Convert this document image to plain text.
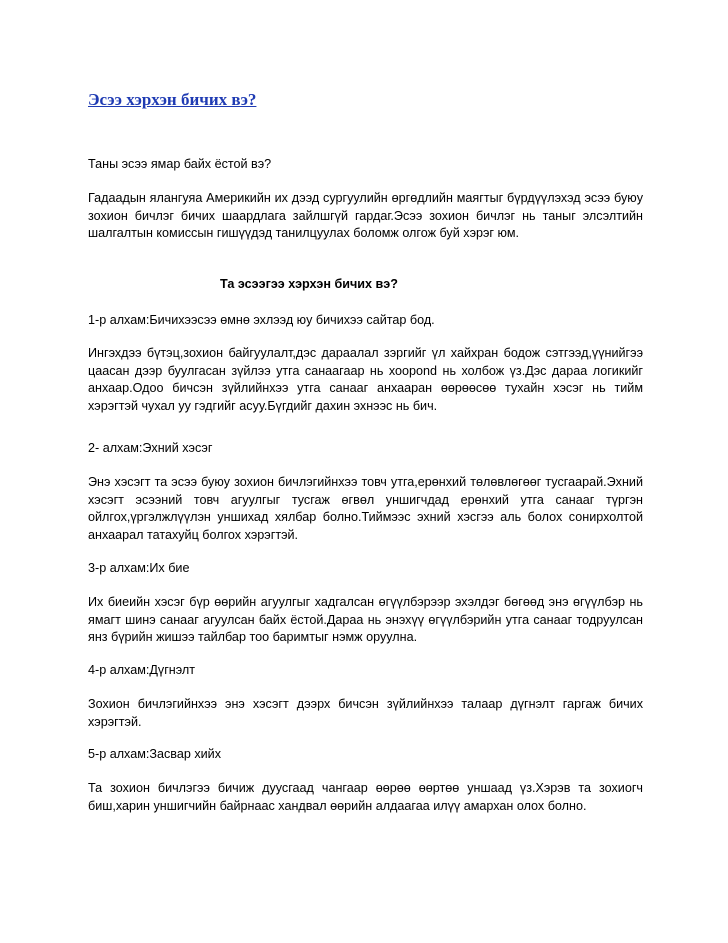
Эсээ хэрхэн бичих вэ?

Таны эсээ ямар байх ёстой вэ?

Гадаадын ялангуяа Америкийн их дээд сургуулийн өргөдлийн маягтыг бүрдүүлэхэд эсээ буюу зохион бичлэг бичих шаардлага зайлшгүй гардаг.Эсээ зохион бичлэг нь таныг элсэлтийн шалгалтын комиссын гишүүдэд танилцуулах боломж олгож буй хэрэг юм.

Та эсээгээ хэрхэн бичих вэ?

1-р алхам:Бичихээсээ өмнө эхлээд юу бичихээ сайтар бод.

Ингэхдээ бүтэц,зохион байгуулалт,дэс дараалал зэргийг үл хайхран бодож сэтгээд,үүнийгээ цаасан дээр буулгасан зүйлээ утга санаагаар нь хоорond нь холбож үз.Дэс дараа логикийг анхаар.Одоо бичсэн зүйлийнхээ утга санааг анхааран өөрөөсөө тухайн хэсэг нь тийм хэрэгтэй чухал уу гэдгийг асуу.Бүгдийг дахин эхнээс нь бич.

2- алхам:Эхний хэсэг

Энэ хэсэгт та эсээ буюу зохион бичлэгийнхээ товч утга,ерөнхий төлөвлөгөөг тусгаарай.Эхний хэсэгт эсээний товч агуулгыг тусгаж өгвөл уншигчдад ерөнхий утга санааг түргэн ойлгох,үргэлжлүүлэн уншихад хялбар болно.Тиймээс эхний хэсгээ аль болох сонирхолтой анхаарал татахуйц болгох хэрэгтэй.

3-р алхам:Их бие

Их биеийн хэсэг бүр өөрийн агуулгыг хадгалсан өгүүлбэрээр эхэлдэг бөгөөд энэ өгүүлбэр нь ямагт шинэ санааг агуулсан байх ёстой.Дараа нь энэхүү өгүүлбэрийн утга санааг тодруулсан янз бүрийн жишээ тайлбар тоо баримтыг нэмж оруулна.

4-р алхам:Дүгнэлт

Зохион бичлэгийнхээ энэ хэсэгт дээрх бичсэн зүйлийнхээ талаар дүгнэлт гаргаж бичих хэрэгтэй.

5-р алхам:Засвар хийх

Та зохион бичлэгээ бичиж дуусгаад чангаар өөрөө өөртөө уншаад үз.Хэрэв та зохиогч биш,харин уншигчийн байрнаас хандвал өөрийн алдаагаа илүү амархан олох болно.
